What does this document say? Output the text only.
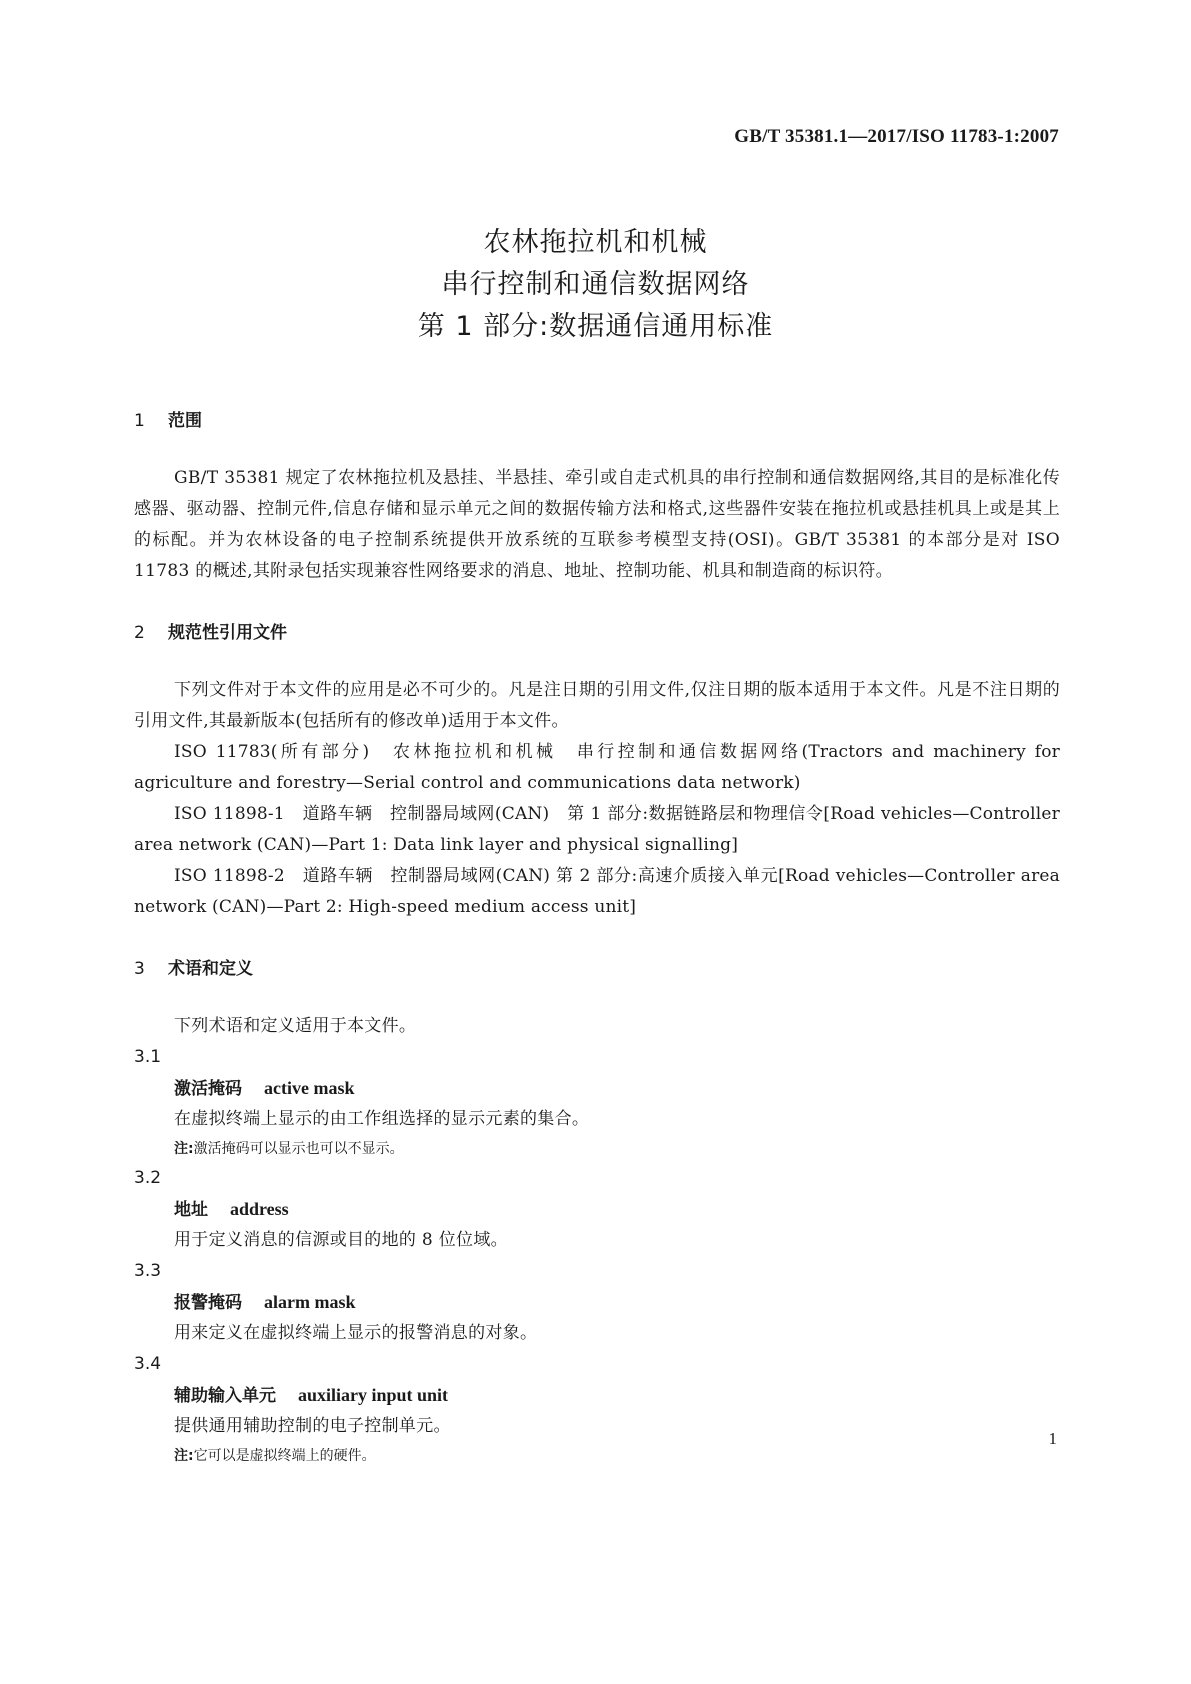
GB/T 35381.1—2017/ISO 11783-1:2007
农林拖拉机和机械
串行控制和通信数据网络
第 1 部分:数据通信通用标准
1 范围
GB/T 35381 规定了农林拖拉机及悬挂、半悬挂、牵引或自走式机具的串行控制和通信数据网络,其目的是标准化传感器、驱动器、控制元件,信息存储和显示单元之间的数据传输方法和格式,这些器件安装在拖拉机或悬挂机具上或是其上的标配。并为农林设备的电子控制系统提供开放系统的互联参考模型支持(OSI)。GB/T 35381 的本部分是对 ISO 11783 的概述,其附录包括实现兼容性网络要求的消息、地址、控制功能、机具和制造商的标识符。
2 规范性引用文件
下列文件对于本文件的应用是必不可少的。凡是注日期的引用文件,仅注日期的版本适用于本文件。凡是不注日期的引用文件,其最新版本(包括所有的修改单)适用于本文件。
ISO 11783(所有部分)　农林拖拉机和机械　串行控制和通信数据网络(Tractors and machinery for agriculture and forestry—Serial control and communications data network)
ISO 11898-1　道路车辆　控制器局域网(CAN)　第 1 部分:数据链路层和物理信令[Road vehicles—Controller area network (CAN)—Part 1: Data link layer and physical signalling]
ISO 11898-2　道路车辆　控制器局域网(CAN) 第 2 部分:高速介质接入单元[Road vehicles—Controller area network (CAN)—Part 2: High-speed medium access unit]
3 术语和定义
下列术语和定义适用于本文件。
3.1
激活掩码 active mask
在虚拟终端上显示的由工作组选择的显示元素的集合。
注:激活掩码可以显示也可以不显示。
3.2
地址 address
用于定义消息的信源或目的地的 8 位位域。
3.3
报警掩码 alarm mask
用来定义在虚拟终端上显示的报警消息的对象。
3.4
辅助输入单元 auxiliary input unit
提供通用辅助控制的电子控制单元。
注:它可以是虚拟终端上的硬件。
1
